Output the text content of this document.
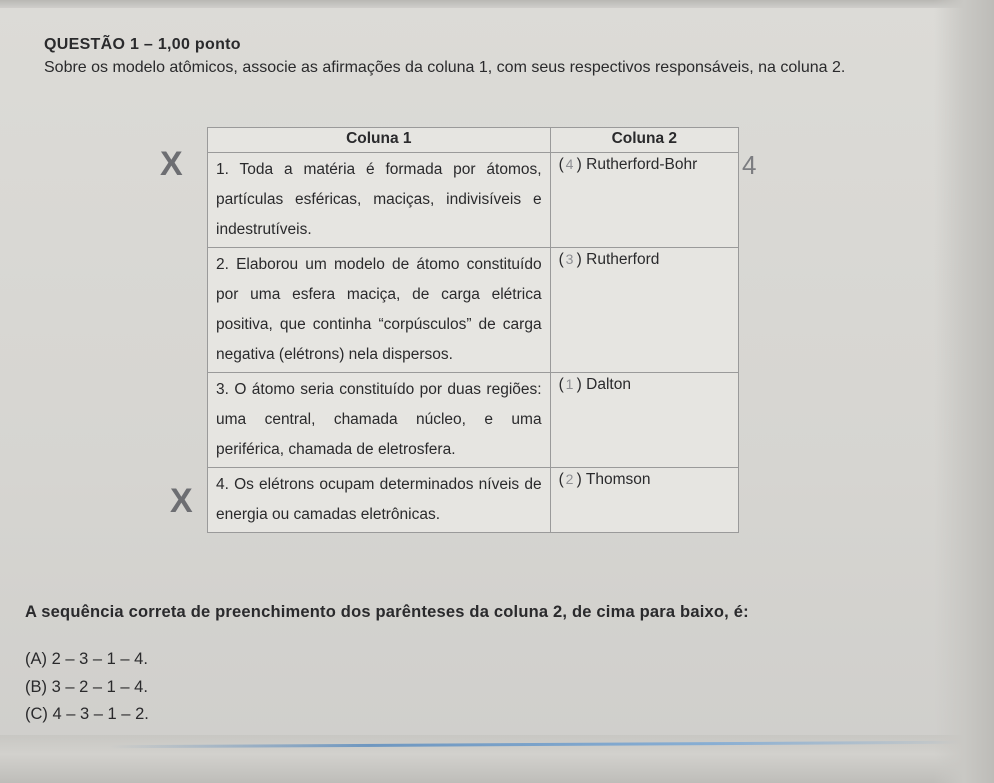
QUESTÃO 1 – 1,00 ponto
Sobre os modelo atômicos, associe as afirmações da coluna 1, com seus respectivos responsáveis, na coluna 2.
X
X
4
Coluna 1	Coluna 2
1. Toda a matéria é formada por átomos, partículas esféricas, maciças, indivisíveis e indestrutíveis.	( 4 ) Rutherford-Bohr
2. Elaborou um modelo de átomo constituído por uma esfera maciça, de carga elétrica positiva, que continha “corpúsculos” de carga negativa (elétrons) nela dispersos.	( 3 ) Rutherford
3. O átomo seria constituído por duas regiões: uma central, chamada núcleo, e uma periférica, chamada de eletrosfera.	( 1 ) Dalton
4. Os elétrons ocupam determinados níveis de energia ou camadas eletrônicas.	( 2 ) Thomson
A sequência correta de preenchimento dos parênteses da coluna 2, de cima para baixo, é:
(A) 2 – 3 – 1 – 4.
(B) 3 – 2 – 1 – 4.
(C) 4 – 3 – 1 – 2.
